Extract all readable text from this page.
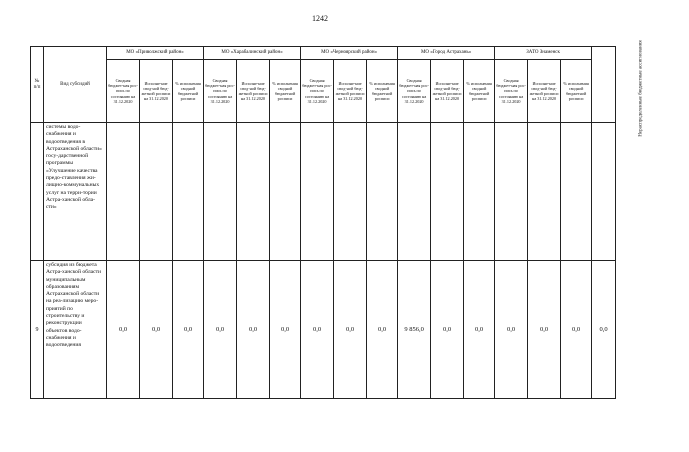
1242
№ п/п	Вид субсидий	МО «Приволжский район»			МО «Харабалинский район»			МО «Черноярский район»			МО «Город Астрахань»			ЗАТО Знаменск			Нераспределенные бюджетные ассигнования
		Сводная бюджет-ная рос-пись по состоянию на 31.12.2020	Исполне-ние свод-ной бюд-жетной росписи на 31.12.2020	% исполнения сводной бюджетной росписи	Сводная бюджет-ная рос-пись по состоянию на 31.12.2020	Исполне-ние свод-ной бюд-жетной росписи на 31.12.2020	% исполнения сводной бюджетной росписи	Сводная бюджет-ная рос-пись по состоянию на 31.12.2020	Исполне-ние свод-ной бюд-жетной росписи на 31.12.2020	% исполнения сводной бюджетной росписи	Сводная бюджет-ная рос-пись по состоянию на 31.12.2020	Исполне-ние свод-ной бюд-жетной росписи на 31.12.2020	% исполнения сводной бюджетной росписи	Сводная бюджет-ная рос-пись по состоянию на 31.12.2020	Исполне-ние свод-ной бюд-жетной росписи на 31.12.2020	% исполнения сводной бюджетной росписи	
	системы водо-снабжения и водоотведения в Астраханской области» госу-дарственной программы «Улучшение качества предо-ставления жи-лищно-коммунальных услуг на терри-тории Астра-ханской обла-сти»																
9	субсидия из бюджета Астра-ханской области муниципальным образованиям Астраханской области на реа-лизацию меро-приятий по строительству и реконструкции объектов водо-снабжения и водоотведения	0,0	0,0	0,0	0,0	0,0	0,0	0,0	0,0	0,0	9 856,0	0,0	0,0	0,0	0,0	0,0	0,0
